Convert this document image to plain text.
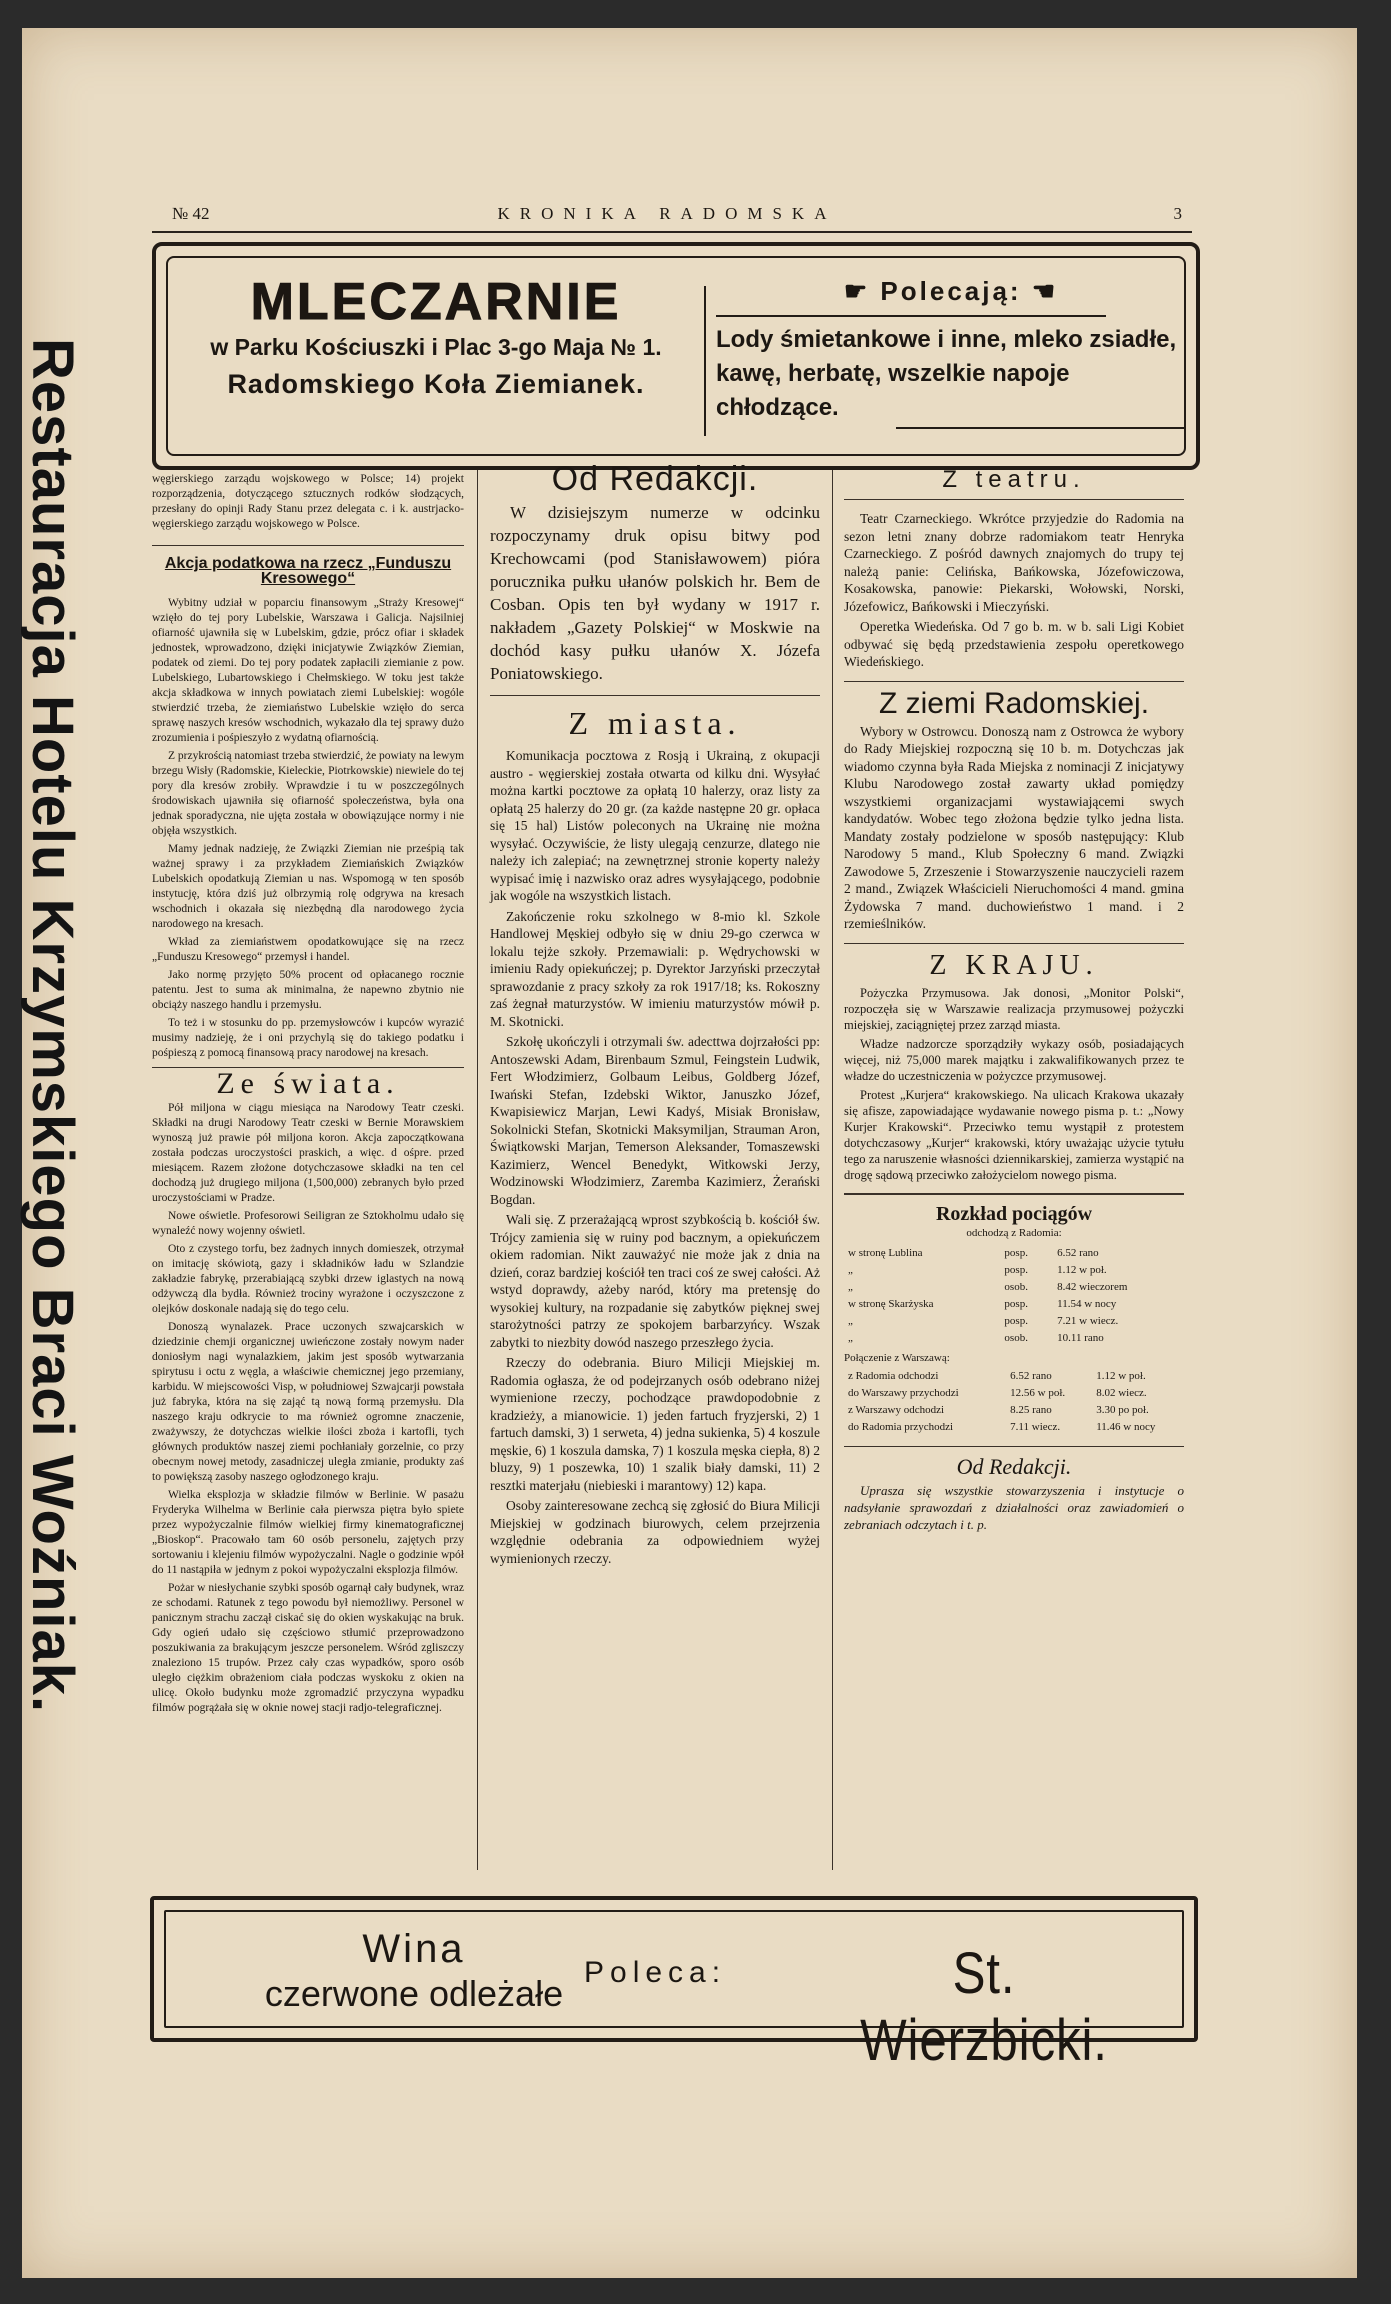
Restauracja Hotelu Krzymskiego Braci Woźniak.
№ 42	KRONIKA RADOMSKA	3
MLECZARNIE
w Parku Kościuszki i Plac 3-go Maja № 1.
Radomskiego Koła Ziemianek.
☛ Polecają: ☚
Lody śmietankowe i inne, mleko zsiadłe, kawę, herbatę, wszelkie napoje chłodzące.

węgierskiego zarządu wojskowego w Polsce; 14) projekt rozporządzenia, dotyczącego sztucznych rodków słodzących, przesłany do opinji Rady Stanu przez delegata c. i k. austrjacko-węgierskiego zarządu wojskowego w Polsce.

Akcja podatkowa na rzecz „Funduszu Kresowego“

Wybitny udział w poparciu finansowym „Straży Kresowej“ wzięło do tej pory Lubelskie, Warszawa i Galicja. Najsilniej ofiarność ujawniła się w Lubelskim, gdzie, prócz ofiar i składek jednostek, wprowadzono, dzięki inicjatywie Związków Ziemian, podatek od ziemi. Do tej pory podatek zapłacili ziemianie z pow. Lubelskiego, Lubartowskiego i Chełmskiego. W toku jest także akcja składkowa w innych powiatach ziemi Lubelskiej: wogóle stwierdzić trzeba, że ziemiaństwo Lubelskie wzięło do serca sprawę naszych kresów wschodnich, wykazało dla tej sprawy dużo zrozumienia i pośpieszyło z wydatną ofiarnością.

Z przykrością natomiast trzeba stwierdzić, że powiaty na lewym brzegu Wisły (Radomskie, Kieleckie, Piotrkowskie) niewiele do tej pory dla kresów zrobiły. Wprawdzie i tu w poszczególnych środowiskach ujawniła się ofiarność społeczeństwa, była ona jednak sporadyczna, nie ujęta została w obowiązujące normy i nie objęła wszystkich.

Mamy jednak nadzieję, że Związki Ziemian nie prześpią tak ważnej sprawy i za przykładem Ziemiańskich Związków Lubelskich opodatkują Ziemian u nas. Wspomogą w ten sposób instytucję, która dziś już olbrzymią rolę odgrywa na kresach wschodnich i okazała się niezbędną dla narodowego życia narodowego na kresach.

Wkład za ziemiaństwem opodatkowujące się na rzecz „Funduszu Kresowego“ przemysł i handel.

Jako normę przyjęto 50% procent od opłacanego rocznie patentu. Jest to suma ak minimalna, że napewno zbytnio nie obciąży naszego handlu i przemysłu.

To też i w stosunku do pp. przemysłowców i kupców wyrazić musimy nadzieję, że i oni przychylą się do takiego podatku i pośpieszą z pomocą finansową pracy narodowej na kresach.

Ze świata.

Pół miljona w ciągu miesiąca na Narodowy Teatr czeski. Składki na drugi Narodowy Teatr czeski w Bernie Morawskiem wynoszą już prawie pół miljona koron. Akcja zapoczątkowana została podczas uroczystości praskich, a więc. d ośpre. przed miesiącem. Razem złożone dotychczasowe składki na ten cel dochodzą już drugiego miljona (1,500,000) zebranych było przed uroczystościami w Pradze.

Nowe oświetle. Profesorowi Seiligran ze Sztokholmu udało się wynaleźć nowy wojenny oświetl.

Oto z czystego torfu, bez żadnych innych domieszek, otrzymał on imitację skówiotą, gazy i składników ładu w Szlandzie zakładzie fabrykę, przerabiającą szybki drzew iglastych na nową odżywczą dla bydła. Również trociny wyrażone i oczyszczone z olejków doskonale nadają się do tego celu.

Donoszą wynalazek. Prace uczonych szwajcarskich w dziedzinie chemji organicznej uwieńczone zostały nowym nader doniosłym nagi wynalazkiem, jakim jest sposób wytwarzania spirytusu i octu z węgla, a właściwie chemicznej jego przemiany, karbidu. W miejscowości Visp, w południowej Szwajcarji powstała już fabryka, która na się zająć tą nową formą przemysłu. Dla naszego kraju odkrycie to ma również ogromne znaczenie, zważywszy, że dotychczas wielkie ilości zboża i kartofli, tych głównych produktów naszej ziemi pochłaniały gorzelnie, co przy obecnym nowej metody, zasadniczej uległa zmianie, produkty zaś to powiększą zasoby naszego ogłodzonego kraju.

Wielka eksplozja w składzie filmów w Berlinie. W pasażu Fryderyka Wilhelma w Berlinie cała pierwsza piętra było spiete przez wypożyczalnie filmów wielkiej firmy kinematograficznej „Bioskop“. Pracowało tam 60 osób personelu, zajętych przy sortowaniu i klejeniu filmów wypożyczalni. Nagle o godzinie wpół do 11 nastąpiła w jednym z pokoi wypożyczalni eksplozja filmów.

Pożar w niesłychanie szybki sposób ogarnął cały budynek, wraz ze schodami. Ratunek z tego powodu był niemożliwy. Personel w panicznym strachu zaczął ciskać się do okien wyskakując na bruk. Gdy ogień udało się częściowo stłumić przeprowadzono poszukiwania za brakującym jeszcze personelem. Wśród zgliszczy znaleziono 15 trupów. Przez cały czas wypadków, sporo osób uległo ciężkim obrażeniom ciała podczas wyskoku z okien na ulicę. Około budynku może zgromadzić przyczyna wypadku filmów pogrążała się w oknie nowej stacji radjo-telegraficznej.

Od Redakcji.
W dzisiejszym numerze w odcinku rozpoczynamy druk opisu bitwy pod Krechowcami (pod Stanisławowem) pióra porucznika pułku ułanów polskich hr. Bem de Cosban. Opis ten był wydany w 1917 r. nakładem „Gazety Polskiej“ w Moskwie na dochód kasy pułku ułanów X. Józefa Poniatowskiego.
Z miasta.

Komunikacja pocztowa z Rosją i Ukrainą, z okupacji austro - węgierskiej została otwarta od kilku dni. Wysyłać można kartki pocztowe za opłatą 10 halerzy, oraz listy za opłatą 25 halerzy do 20 gr. (za każde następne 20 gr. opłaca się 15 hal) Listów poleconych na Ukrainę nie można wysyłać. Oczywiście, że listy ulegają cenzurze, dlatego nie należy ich zalepiać; na zewnętrznej stronie koperty należy wypisać imię i nazwisko oraz adres wysyłającego, podobnie jak wogóle na wszystkich listach.

Zakończenie roku szkolnego w 8-mio kl. Szkole Handlowej Męskiej odbyło się w dniu 29-go czerwca w lokalu tejże szkoły. Przemawiali: p. Wędrychowski w imieniu Rady opiekuńczej; p. Dyrektor Jarzyński przeczytał sprawozdanie z pracy szkoły za rok 1917/18; ks. Rokoszny zaś żegnał maturzystów. W imieniu maturzystów mówił p. M. Skotnicki.

Szkołę ukończyli i otrzymali św. adecttwa dojrzałości pp: Antoszewski Adam, Birenbaum Szmul, Feingstein Ludwik, Fert Włodzimierz, Golbaum Leibus, Goldberg Józef, Iwański Stefan, Izdebski Wiktor, Januszko Józef, Kwapisiewicz Marjan, Lewi Kadyś, Misiak Bronisław, Sokolnicki Stefan, Skotnicki Maksymiljan, Strauman Aron, Świątkowski Marjan, Temerson Aleksander, Tomaszewski Kazimierz, Wencel Benedykt, Witkowski Jerzy, Wodzinowski Włodzimierz, Zaremba Kazimierz, Żerański Bogdan.

Wali się. Z przerażającą wprost szybkością b. kościół św. Trójcy zamienia się w ruiny pod bacznym, a opiekuńczem okiem radomian. Nikt zauważyć nie może jak z dnia na dzień, coraz bardziej kościół ten traci coś ze swej całości. Aż wstyd doprawdy, ażeby naród, który ma pretensję do wysokiej kultury, na rozpadanie się zabytków pięknej swej starożytności patrzy ze spokojem barbarzyńcy. Wszak zabytki to niezbity dowód naszego przeszłego życia.

Rzeczy do odebrania. Biuro Milicji Miejskiej m. Radomia ogłasza, że od podejrzanych osób odebrano niżej wymienione rzeczy, pochodzące prawdopodobnie z kradzieży, a mianowicie. 1) jeden fartuch fryzjerski, 2) 1 fartuch damski, 3) 1 serweta, 4) jedna sukienka, 5) 4 koszule męskie, 6) 1 koszula damska, 7) 1 koszula męska ciepła, 8) 2 bluzy, 9) 1 poszewka, 10) 1 szalik biały damski, 11) 2 resztki materjału (niebieski i marantowy) 12) kapa.

Osoby zainteresowane zechcą się zgłosić do Biura Milicji Miejskiej w godzinach biurowych, celem przejrzenia względnie odebrania za odpowiedniem wyżej wymienionych rzeczy.

Z teatru.

Teatr Czarneckiego. Wkrótce przyjedzie do Radomia na sezon letni znany dobrze radomiakom teatr Henryka Czarneckiego. Z pośród dawnych znajomych do trupy tej należą panie: Celińska, Bańkowska, Józefowiczowa, Kosakowska, panowie: Piekarski, Wołowski, Norski, Józefowicz, Bańkowski i Mieczyński.

Operetka Wiedeńska. Od 7 go b. m. w b. sali Ligi Kobiet odbywać się będą przedstawienia zespołu operetkowego Wiedeńskiego.

Z ziemi Radomskiej.

Wybory w Ostrowcu. Donoszą nam z Ostrowca że wybory do Rady Miejskiej rozpoczną się 10 b. m. Dotychczas jak wiadomo czynna była Rada Miejska z nominacji Z inicjatywy Klubu Narodowego został zawarty układ pomiędzy wszystkiemi organizacjami wystawiającemi swych kandydatów. Wobec tego złożona będzie tylko jedna lista. Mandaty zostały podzielone w sposób następujący: Klub Narodowy 5 mand., Klub Społeczny 6 mand. Związki Zawodowe 5, Zrzeszenie i Stowarzyszenie nauczycieli razem 2 mand., Związek Właścicieli Nieruchomości 4 mand. gmina Żydowska 7 mand. duchowieństwo 1 mand. i 2 rzemieślników.

Z KRAJU.

Pożyczka Przymusowa. Jak donosi, „Monitor Polski“, rozpoczęła się w Warszawie realizacja przymusowej pożyczki miejskiej, zaciągniętej przez zarząd miasta.

Władze nadzorcze sporządziły wykazy osób, posiadających więcej, niż 75,000 marek majątku i zakwalifikowanych przez te władze do uczestniczenia w pożyczce przymusowej.

Protest „Kurjera“ krakowskiego. Na ulicach Krakowa ukazały się afisze, zapowiadające wydawanie nowego pisma p. t.: „Nowy Kurjer Krakowski“. Przeciwko temu wystąpił z protestem dotychczasowy „Kurjer“ krakowski, który uważając użycie tytułu tego za naruszenie własności dziennikarskiej, zamierza wystąpić na drogę sądową przeciwko założycielom nowego pisma.

Rozkład pociągów
odchodzą z Radomia:
w stronę Lublina	posp.	6.52 rano
„	posp.	1.12 w poł.
„	osob.	8.42 wieczorem
w stronę Skarżyska	posp.	11.54 w nocy
„	posp.	7.21 w wiecz.
„	osob.	10.11 rano
Połączenie z Warszawą:
z Radomia odchodzi	6.52 rano	1.12 w poł.
do Warszawy przychodzi	12.56 w poł.	8.02 wiecz.
z Warszawy odchodzi	8.25 rano	3.30 po poł.
do Radomia przychodzi	7.11 wiecz.	11.46 w nocy
Od Redakcji.
Uprasza się wszystkie stowarzyszenia i instytucje o nadsyłanie sprawozdań z działalności oraz zawiadomień o zebraniach odczytach i t. p.
Wina
czerwone odleżałe
Poleca:	St. Wierzbicki.
